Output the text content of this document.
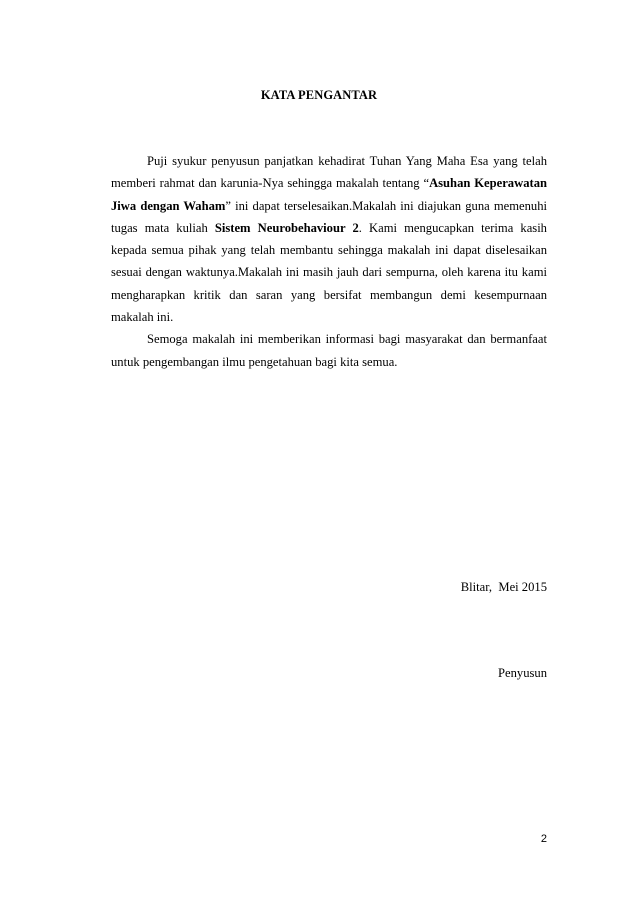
KATA PENGANTAR

Puji syukur penyusun panjatkan kehadirat Tuhan Yang Maha Esa yang telah memberi rahmat dan karunia-Nya sehingga makalah tentang “Asuhan Keperawatan Jiwa dengan Waham” ini dapat terselesaikan.Makalah ini diajukan guna memenuhi tugas mata kuliah Sistem Neurobehaviour 2. Kami mengucapkan terima kasih kepada semua pihak yang telah membantu sehingga makalah ini dapat diselesaikan sesuai dengan waktunya.Makalah ini masih jauh dari sempurna, oleh karena itu kami mengharapkan kritik dan saran yang bersifat membangun demi kesempurnaan makalah ini.

Semoga makalah ini memberikan informasi bagi masyarakat dan bermanfaat untuk pengembangan ilmu pengetahuan bagi kita semua.

Blitar,  Mei 2015
Penyusun
2
